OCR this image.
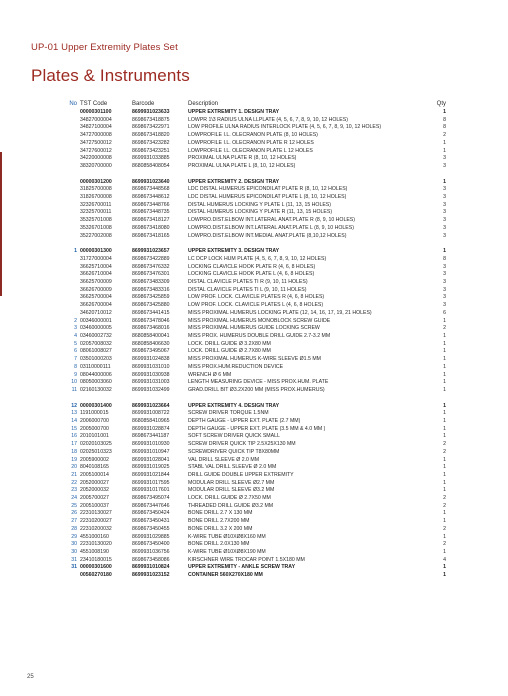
UP-01 Upper Extremity Plates Set
Plates & Instruments
No	TST Code	Barcode	Description	Qty
	00000301100	8699931023633	UPPER EXTREMITY 1. DESIGN TRAY	1
	34827000004	8698673418875	LOWPR 1\3 RADIUS ULNA LLPLATE (4, 5, 6, 7, 8, 9, 10, 12 HOLES)	8
	34827100004	8698673422971	LOW PROFILE ULNA RADIUS INTERLOCK PLATE (4, 5, 6, 7, 8, 9, 10, 12 HOLES)	8
	34727000008	8698673418820	LOWPROFILE I.L. OLECRANON PLATE (8, 10 HOLES)	2
	34727500012	8698673423282	LOWPROFILE I.L. OLECRANON PLATE R 12 HOLES	1
	34727600012	8698673423251	LOWPROFILE I.L. OLECRANON PLATE L 12 HOLES	1
	34220000008	8699931033885	PROXIMAL ULNA PLATE R (8, 10, 12 HOLES)	3
	38320700000	8680858408054	PROXIMAL ULNA PLATE L (8, 10, 12 HOLES)	3

	00000301200	8699931023640	UPPER EXTREMITY 2. DESIGN TRAY	1
	31825700008	8698673448568	LDC DISTAL HUMERUS EPICONDİLAT PLATE R (8, 10, 12 HOLES)	3
	31826700008	8698673448612	LDC DISTAL HUMERUS EPICONDİLAT PLATE L (8, 10, 12 HOLES)	3
	32326700011	8698673448766	DISTAL HUMERUS LOCKING Y PLATE L (11, 13, 15 HOLES)	3
	32325700011	8698673448735	DISTAL HUMERUS LOCKING Y PLATE R (11, 13, 15 HOLES)	3
	35325701008	8698673418127	LOWPRO.DIST.ELBOW INT.LATERAL ANAT.PLATE R (8, 9, 10 HOLES)	3
	35326701008	8698673418080	LOWPRO.DIST.ELBOW INT.LATERAL ANAT.PLATE L (8, 9, 10 HOLES)	3
	35227002008	8698673418165	LOWPRO.DIST.ELBOW INT.MEDIAL ANAT.PLATE (8,10,12 HOLES)	3

1	00000301300	8699931023657	UPPER EXTREMITY 3. DESIGN TRAY	1
	31727000004	8698673422889	LC DCP LOCK HUM PLATE (4, 5, 6, 7, 8, 9, 10, 12 HOLES)	8
	36625710004	8698673476332	LOCKING CLAVICLE HOOK PLATE R (4, 6, 8 HOLES)	3
	36626710004	8698673476301	LOCKING CLAVICLE HOOK PLATE L (4, 6, 8 HOLES)	3
	36625700009	8698673483309	DISTAL CLAVICLE PLATES TI R (9, 10, 11 HOLES)	3
	36626700009	8698673483316	DISTAL CLAVICLE PLATES TI L (9, 10, 11 HOLES)	3
	36625700004	8698673425859	LOW PROF. LOCK. CLAVICLE PLATES R (4, 6, 8 HOLES)	3
	36626700004	8698673425880	LOW PROF. LOCK. CLAVICLE PLATES L (4, 6, 8 HOLES)	3
	34620710012	8698673441415	MISS PROXIMAL HUMERUS LOCKING PLATE (12, 14, 16, 17, 19, 21 HOLES)	6
2	00346000001	8698673478046	MISS PROXIMAL HUMERUS MONOBLOCK SCREW GUIDE	1
3	03460000005	8698673468016	MISS PROXIMAL HUMERUS GUIDE LOCKING SCREW	2
4	03460002732	8680858400041	MISS PROX. HUMERUS DOUBLE DRILL GUIDE 2.7-3.2 MM	1
5	02057008032	8680858406630	LOCK. DRILL GUIDE Ø 3.2X80 MM	1
6	08061008027	8698673495067	LOCK. DRILL GUIDE Ø 2.7X80 MM	1
7	03501000203	8699931024838	MISS PROXIMAL HUMERUS K-WIRE SLEEVE Ø1.5 MM	1
8	03110000111	8699931031010	MISS PROX.HUM.REDUCTION DEVICE	1
9	08044000006	8699931030938	WRENCH Ø 6 MM	1
10	08050003060	8699931031003	LENGTH MEASURING DEVICE - MISS PROX.HUM. PLATE	1
11	02160130032	8699931032499	GRAD.DRILL BIT Ø3.2X200 MM (MISS PROX.HUMERUS)	1

12	00000301400	8699931023664	UPPER EXTREMITY 4. DESIGN TRAY	1
13	1191000015	8699931008722	SCREW DRIVER TORQUE 1.5NM	1
14	2006000700	8680858410965	DEPTH GAUGE - UPPER EXT. PLATE (2.7 MM)	1
15	2005000700	8699931028874	DEPTH GAUGE - UPPER EXT. PLATE (3.5 MM & 4.0 MM )	1
16	2010101001	8698673441187	SOFT SCREW DRIVER QUICK SMALL	1
17	02020103025	8699931010930	SCREW DRIVER QUICK TIP 2.5X25X130 MM	2
18	02025010323	8699931010947	SCREWDRIVER QUICK TIP T8X80MM	2
19	2005900002	8699931028041	VAL DRILL SLEEVE Ø 2.0 MM	1
20	8040108165	8699931019025	STABL VAL DRILL SLEEVE Ø 2.0 MM	1
21	2005100014	8699931021844	DRILL GUIDE DOUBLE UPPER EXTREMITY	1
22	2052000027	8699931017595	MODULAR DRILL SLEEVE Ø2.7 MM	1
23	2052000032	8699931017601	MODULAR DRILL SLEEVE Ø3.2 MM	1
24	2005700027	8698673495074	LOCK. DRILL GUIDE Ø 2.7X50 MM	2
25	2005100037	8698673447646	THREADED DRILL GUIDE Ø3.2 MM	2
26	22310130027	8698673450424	BONE DRILL 2.7 X 130 MM	1
27	22310200027	8698673450431	BONE DRILL 2.7X200 MM	1
28	22310200032	8698673450455	BONE DRILL 3.2 X 200 MM	2
29	4551000160	8699931029885	K-WIRE TUBE Ø10XØ8X160 MM	1
30	22310130020	8698673450400	BONE DRILL 2.0X130 MM	2
30	4551008190	8699931036756	K-WIRE TUBE Ø10XØ8X190 MM	1
31	23410180015	8698673458086	KIRSCHNER WIRE TROCAR POINT 1.5X180 MM	4
31	00000301600	8699931010824	UPPER EXTREMITY - ANKLE SCREW TRAY	1
	00560270180	8699931023152	CONTAINER 560X270X180 MM	1
25
